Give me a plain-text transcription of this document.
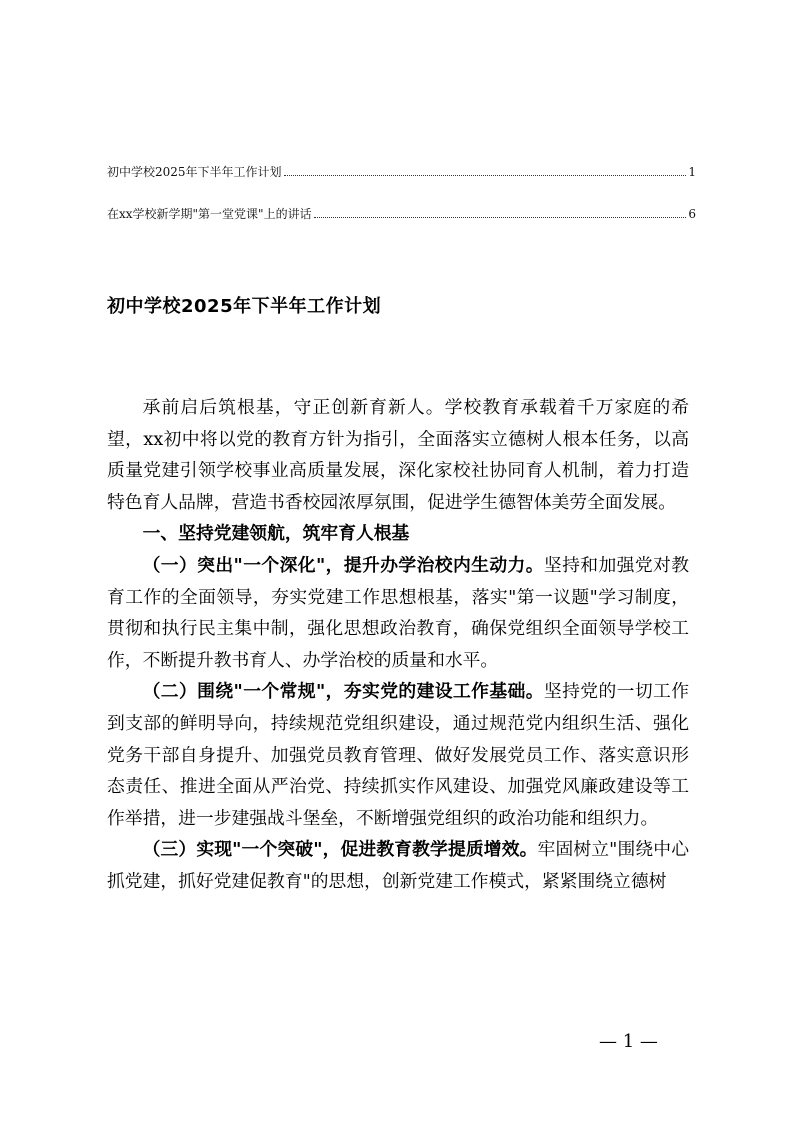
初中学校2025年下半年工作计划	1
在xx学校新学期"第一堂党课"上的讲话	6
初中学校2025年下半年工作计划

承前启后筑根基，守正创新育新人。学校教育承载着千万家庭的希望，xx初中将以党的教育方针为指引，全面落实立德树人根本任务，以高质量党建引领学校事业高质量发展，深化家校社协同育人机制，着力打造特色育人品牌，营造书香校园浓厚氛围，促进学生德智体美劳全面发展。

一、坚持党建领航，筑牢育人根基

（一）突出"一个深化"，提升办学治校内生动力。坚持和加强党对教育工作的全面领导，夯实党建工作思想根基，落实"第一议题"学习制度，贯彻和执行民主集中制，强化思想政治教育，确保党组织全面领导学校工作，不断提升教书育人、办学治校的质量和水平。

（二）围绕"一个常规"，夯实党的建设工作基础。坚持党的一切工作到支部的鲜明导向，持续规范党组织建设，通过规范党内组织生活、强化党务干部自身提升、加强党员教育管理、做好发展党员工作、落实意识形态责任、推进全面从严治党、持续抓实作风建设、加强党风廉政建设等工作举措，进一步建强战斗堡垒，不断增强党组织的政治功能和组织力。

（三）实现"一个突破"，促进教育教学提质增效。牢固树立"围绕中心抓党建，抓好党建促教育"的思想，创新党建工作模式，紧紧围绕立德树

— 1 —
